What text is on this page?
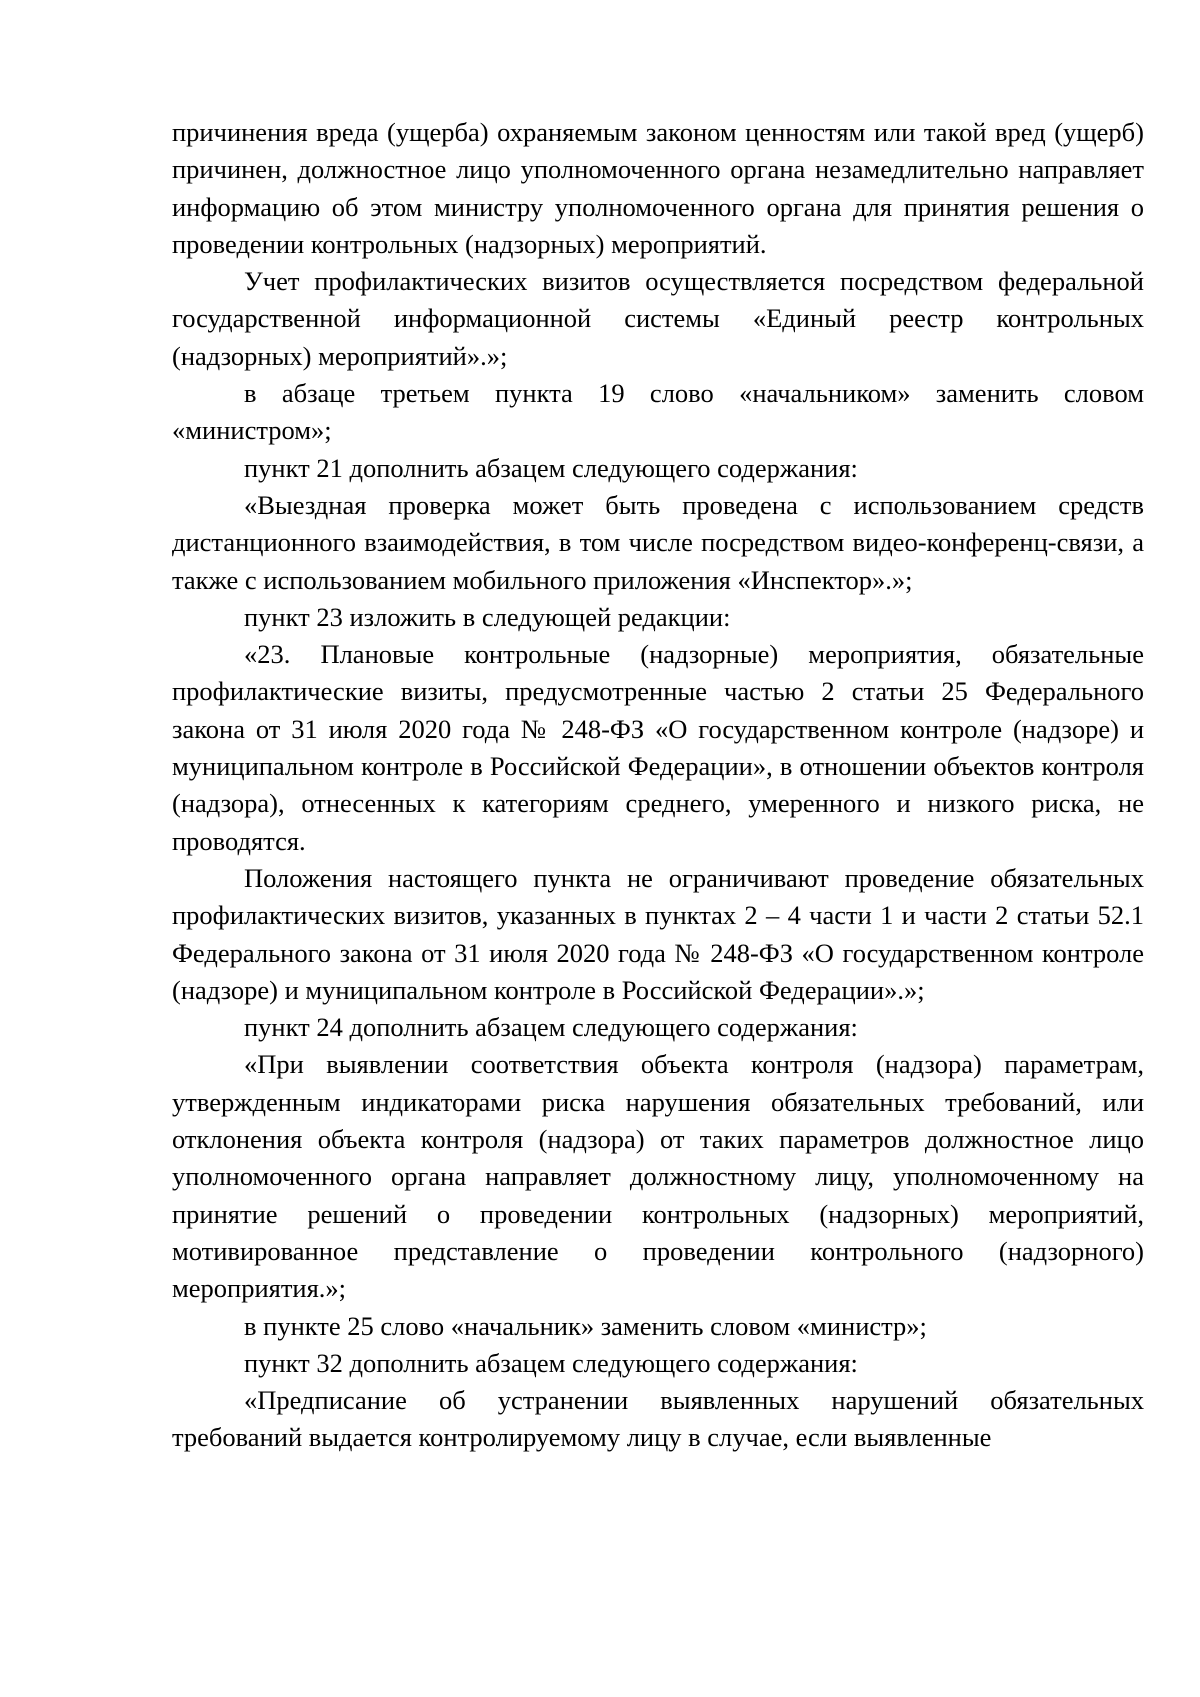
причинения вреда (ущерба) охраняемым законом ценностям или такой вред (ущерб) причинен, должностное лицо уполномоченного органа незамедлительно направляет информацию об этом министру уполномоченного органа для принятия решения о проведении контрольных (надзорных) мероприятий.

Учет профилактических визитов осуществляется посредством федеральной государственной информационной системы «Единый реестр контрольных (надзорных) мероприятий».»;

в абзаце третьем пункта 19 слово «начальником» заменить словом «министром»;

пункт 21 дополнить абзацем следующего содержания:

«Выездная проверка может быть проведена с использованием средств дистанционного взаимодействия, в том числе посредством видео-конференц-связи, а также с использованием мобильного приложения «Инспектор».»;

пункт 23 изложить в следующей редакции:

«23. Плановые контрольные (надзорные) мероприятия, обязательные профилактические визиты, предусмотренные частью 2 статьи 25 Федерального закона от 31 июля 2020 года № 248-ФЗ «О государственном контроле (надзоре) и муниципальном контроле в Российской Федерации», в отношении объектов контроля (надзора), отнесенных к категориям среднего, умеренного и низкого риска, не проводятся.

Положения настоящего пункта не ограничивают проведение обязательных профилактических визитов, указанных в пунктах 2 – 4 части 1 и части 2 статьи 52.1 Федерального закона от 31 июля 2020 года № 248-ФЗ «О государственном контроле (надзоре) и муниципальном контроле в Российской Федерации».»;

пункт 24 дополнить абзацем следующего содержания:

«При выявлении соответствия объекта контроля (надзора) параметрам, утвержденным индикаторами риска нарушения обязательных требований, или отклонения объекта контроля (надзора) от таких параметров должностное лицо уполномоченного органа направляет должностному лицу, уполномоченному на принятие решений о проведении контрольных (надзорных) мероприятий, мотивированное представление о проведении контрольного (надзорного) мероприятия.»;

в пункте 25 слово «начальник» заменить словом «министр»;

пункт 32 дополнить абзацем следующего содержания:

«Предписание об устранении выявленных нарушений обязательных требований выдается контролируемому лицу в случае, если выявленные
